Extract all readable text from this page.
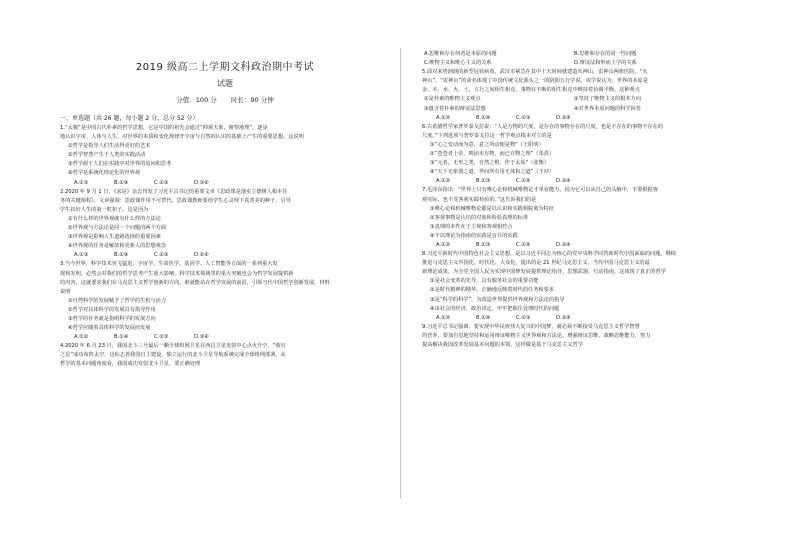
2019 级高二上学期文科政治期中考试
试题
分值：100 分 时长：90 分钟
一、单选题（共 26 题，每小题 2 分，总分 52 分）

1.“太极”是中国古代朴素的哲学思想，它是中国的祖先会通过“仰观天象，俯察地理”，逐步

地认识宇宙、人体与人生，对世界的本质和变化规律开宇宙与自然的认识的基础上产生的重要思想。这说明

①哲学是指导人们生活得更好的艺术

②哲学智慧产生于人类的实践活动

③哲学源于人们在实践中对世界的追问和思考

④哲学是系统化理论化的世界观

A.①②	B.①④	C.②③	D.③④

2.2020 年 9 月 1 日，《求是》杂志刊发了习近平总书记的重要文章《思政课是落实立德树人根本任

务的关键课程》。文章强调：思政课作用不可替代。思政课教师要给学生心灵埋下真善美的种子，引导

学生扣好人生的第一粒扣子。这是因为

①有什么样的世界观就有什么样的方法论

②世界观与方法论是同一个问题的两个方面

③世界观是影响人生道路选择的重要因素

④世界观的任务是解放和更新人的思想观念

A.①③	B.①④	C.②③	D.②④

3.当今世界，科学技术突飞猛进，宇宙学、生命医学、基因学、人工智能等方面的一系列重大发

现和发明，必然会对我们的哲学思考产生重大影响，科学技术领域里的重大突破也会为哲学发展提供新

的内容，这就要求我们在马克思主义哲学创新的方向，谁就能站在哲学发展的前沿，引领当代中国哲学创新发展。材料

说明

①自然科学的发展赋予了哲学的生机与活力

②哲学对具体科学的发展具有指导作用

③哲学的任务就是指明科学的发展方向

④哲学应随着具体科学的发展而发展

A.①②	B.①④	C.②③	D.③④

4.2020 年 6 月 23 日，我国北斗三号最后一颗全球组网卫星在西昌卫星发射中心点火升空。“收官

之星”成功布阵太空，这标志着我国自主建设、独立运行的北斗卫星导航系统完成全球组网部署。从

哲学的基本问题角度看，我国成功发射北斗卫星，要正确处理

A.思维和存在何者是本原的问题	B.思维和存在的同一性问题

C.唯物主义和唯心主义的关系	D.辩证法和形而上学的关系

5.面对来势汹汹的新型冠状病毒，武汉市紧急在其中十天时间就建造火神山、雷神山两座医院。“火

神山”、“雷神山”的命名体现了中国传统文化源头之一的阴阳五行学说。该学说认为，世界的本原是

金、木、水、火、土，五行之间相生相克，事物在不断的相生相克中维持着协调平衡。这种观点

①是朴素的唯物主义观点	②坚持了唯物主义的根本方向

③蕴含着朴素的辩证法思想	④对世界本原问题的科学回答

A.①②	B.①④	C.②③	D.③④

6.古希腊哲学家普罗泰戈拉说：“人是万物的尺度，是存在的事物存在的尺度，也是不存在的事物不存在的

尺度。”下列选项与普罗泰戈拉这一哲学观点根本对立的是

①“心之变动而为意，意之所动便是物”（王阳明）

②“苍苍者上帝，则固未有物，而已有物之理”（朱熹）

③“元者，无形之类，自然之根，作于太始”（张衡）

④“天下无象器之道，世间所有用无体和之道”（王冲）

A.①②	B.①③	C.②④	D.③④

7.毛泽东指出：“世界上只有唯心论和机械唯物论才单看能力，因为它可以从自己的头脑中，不要根据客

观实际，也不受客观实践检验的。”这告诉我们的是

①唯心论和机械唯物论都是以认识和实践相脱离为特征

②客观事物是认识的对象和检验真理的标准

③真理的本性在于主观和客观相符合

④不以理论为指南的实践是盲目的实践

A.①②	B.①③	C.②④	D.③④

8.习近平新时代中国特色社会主义思想，是以习近平同志为核心的党中央科学回答新时代中国面临的问题，继续

推进马克思主义中国化、时代化、大众化，提出的是 21 世纪马克思主义、当代中国马克思主义的最

新理论成果，为全党全国人民为实现中国梦发展提供理论指导、思想武器、行动指南。这体现了真正的哲学

①是社会变革的先导，具有服务社会的重要功能

②是时代精神的精华，正确地反映着时代的任务和要求

③是“科学的科学”，为改造世界提供世界观和方法论的指导

④由社会的经济、政治决定，牢牢把握住处理时代的问题

A.①②	B.①④	C.②③	D.③④

9.习近平总书记强调，要实现中华民族伟大复兴的中国梦，就必须不断接受马克思主义哲学智慧

的营养，要加自觉地坚持和运用辩证唯物主义世界观和方法论，增强辩证思维、战略思维能力，努力

提高解决我国改革发展基本问题的本领。这样做是基于马克思主义哲学
